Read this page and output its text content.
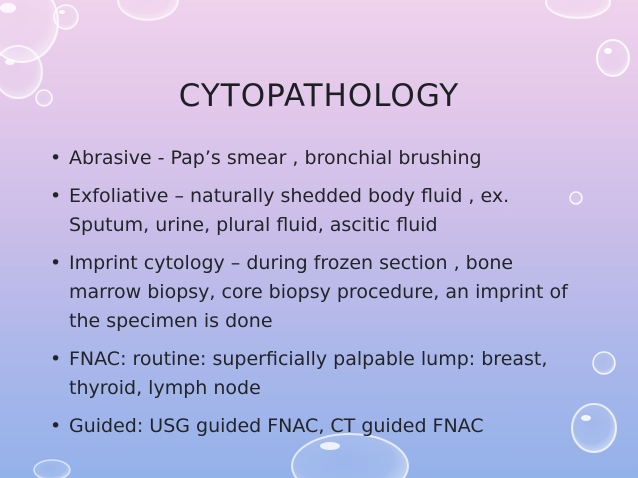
CYTOPATHOLOGY
• Abrasive - Pap’s smear , bronchial brushing
• Exfoliative – naturally shedded body fluid , ex. Sputum, urine, plural fluid, ascitic fluid
• Imprint cytology – during frozen section , bone marrow biopsy, core biopsy procedure, an imprint of the specimen is done
• FNAC: routine: superficially palpable lump: breast, thyroid, lymph node
• Guided: USG guided FNAC, CT guided FNAC
